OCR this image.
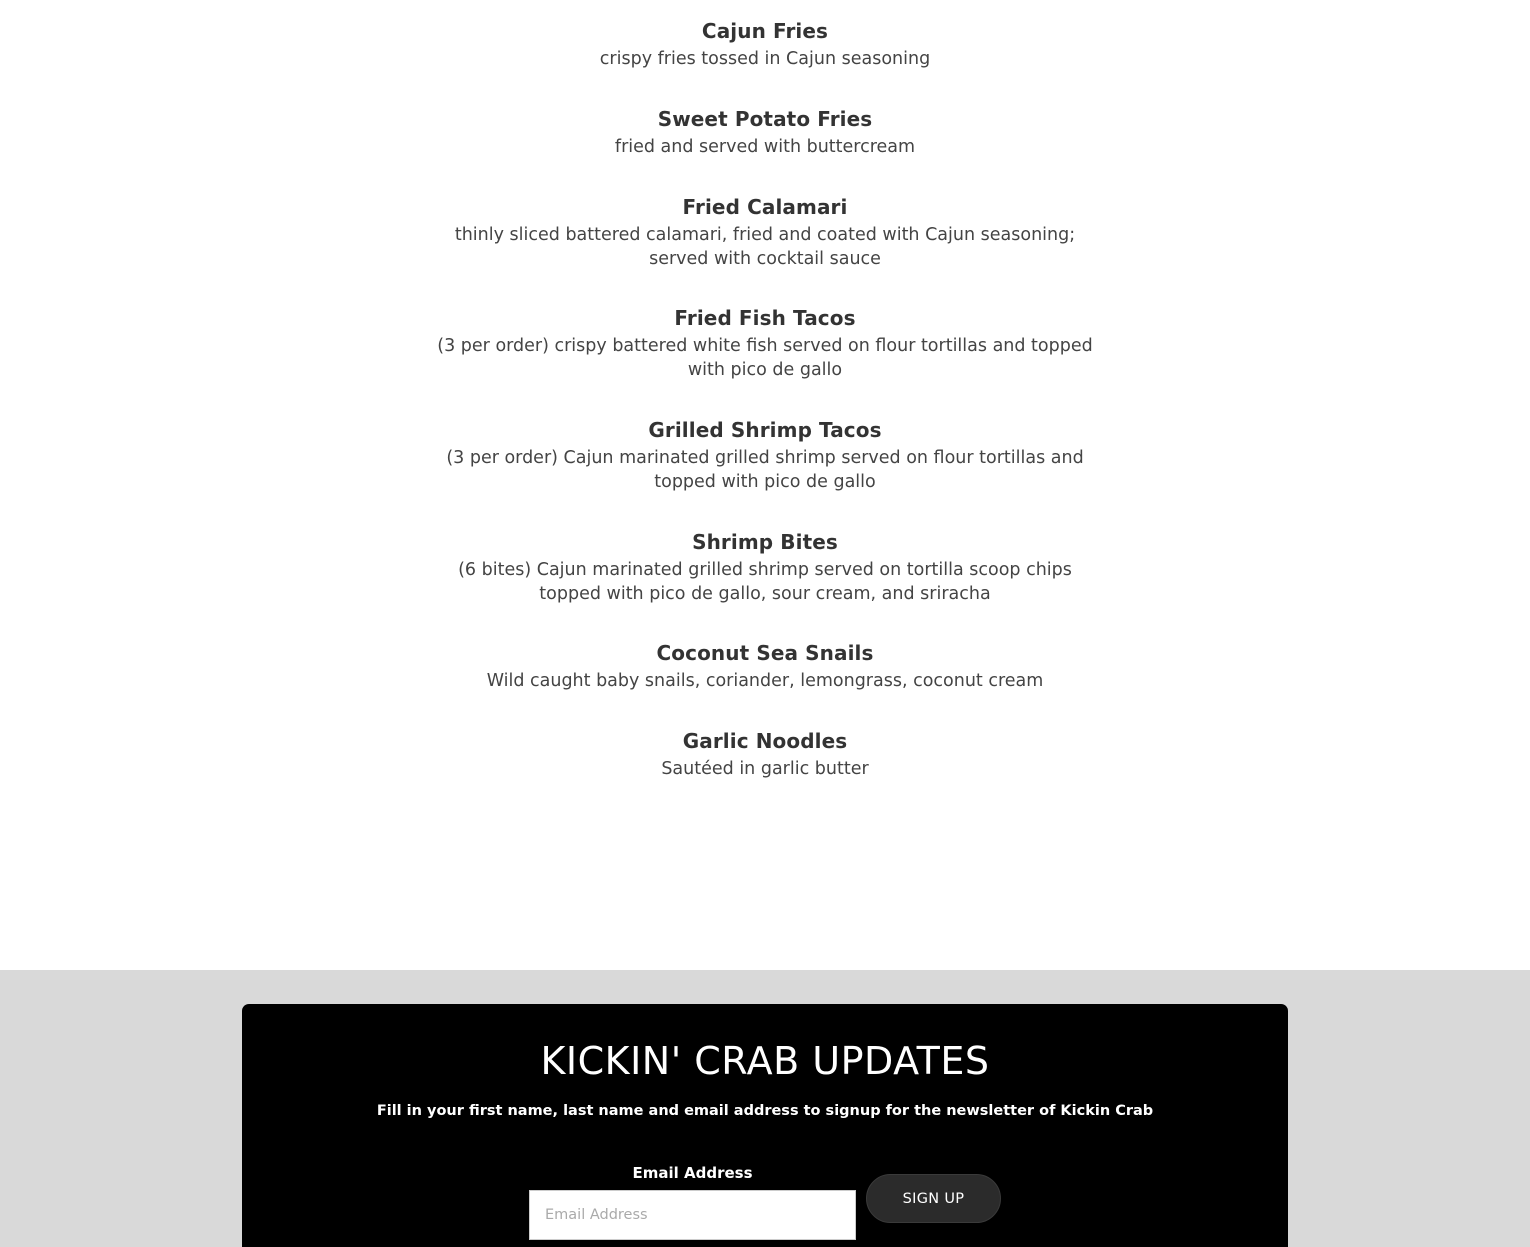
Cajun Fries
crispy fries tossed in Cajun seasoning
Sweet Potato Fries
fried and served with buttercream
Fried Calamari
thinly sliced battered calamari, fried and coated with Cajun seasoning; served with cocktail sauce
Fried Fish Tacos
(3 per order) crispy battered white fish served on flour tortillas and topped with pico de gallo
Grilled Shrimp Tacos
(3 per order) Cajun marinated grilled shrimp served on flour tortillas and topped with pico de gallo
Shrimp Bites
(6 bites) Cajun marinated grilled shrimp served on tortilla scoop chips topped with pico de gallo, sour cream, and sriracha
Coconut Sea Snails
Wild caught baby snails, coriander, lemongrass, coconut cream
Garlic Noodles
Sautéed in garlic butter
KICKIN' CRAB UPDATES
Fill in your first name, last name and email address to signup for the newsletter of Kickin Crab
Email Address
Email Address
SIGN UP
